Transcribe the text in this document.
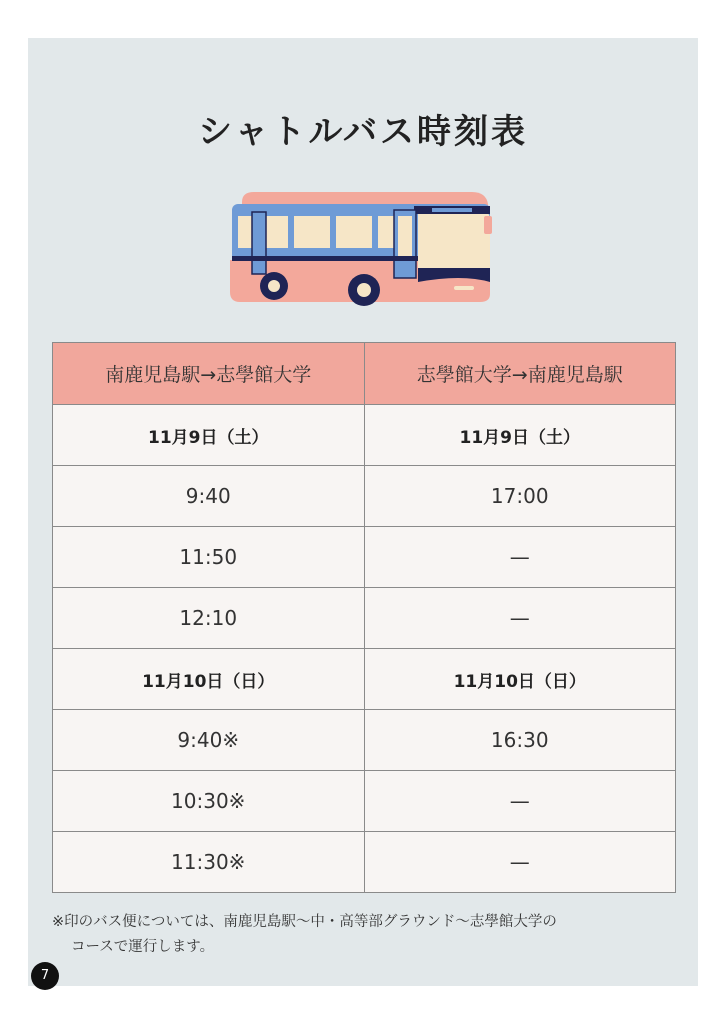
シャトルバス時刻表
南鹿児島駅→志學館大学	志學館大学→南鹿児島駅
11月9日（土）	11月9日（土）
9:40	17:00
11:50	—
12:10	—
11月10日（日）	11月10日（日）
9:40※	16:30
10:30※	—
11:30※	—
※印のバス便については、南鹿児島駅〜中・高等部グラウンド〜志學館大学の
コースで運行します。
7
